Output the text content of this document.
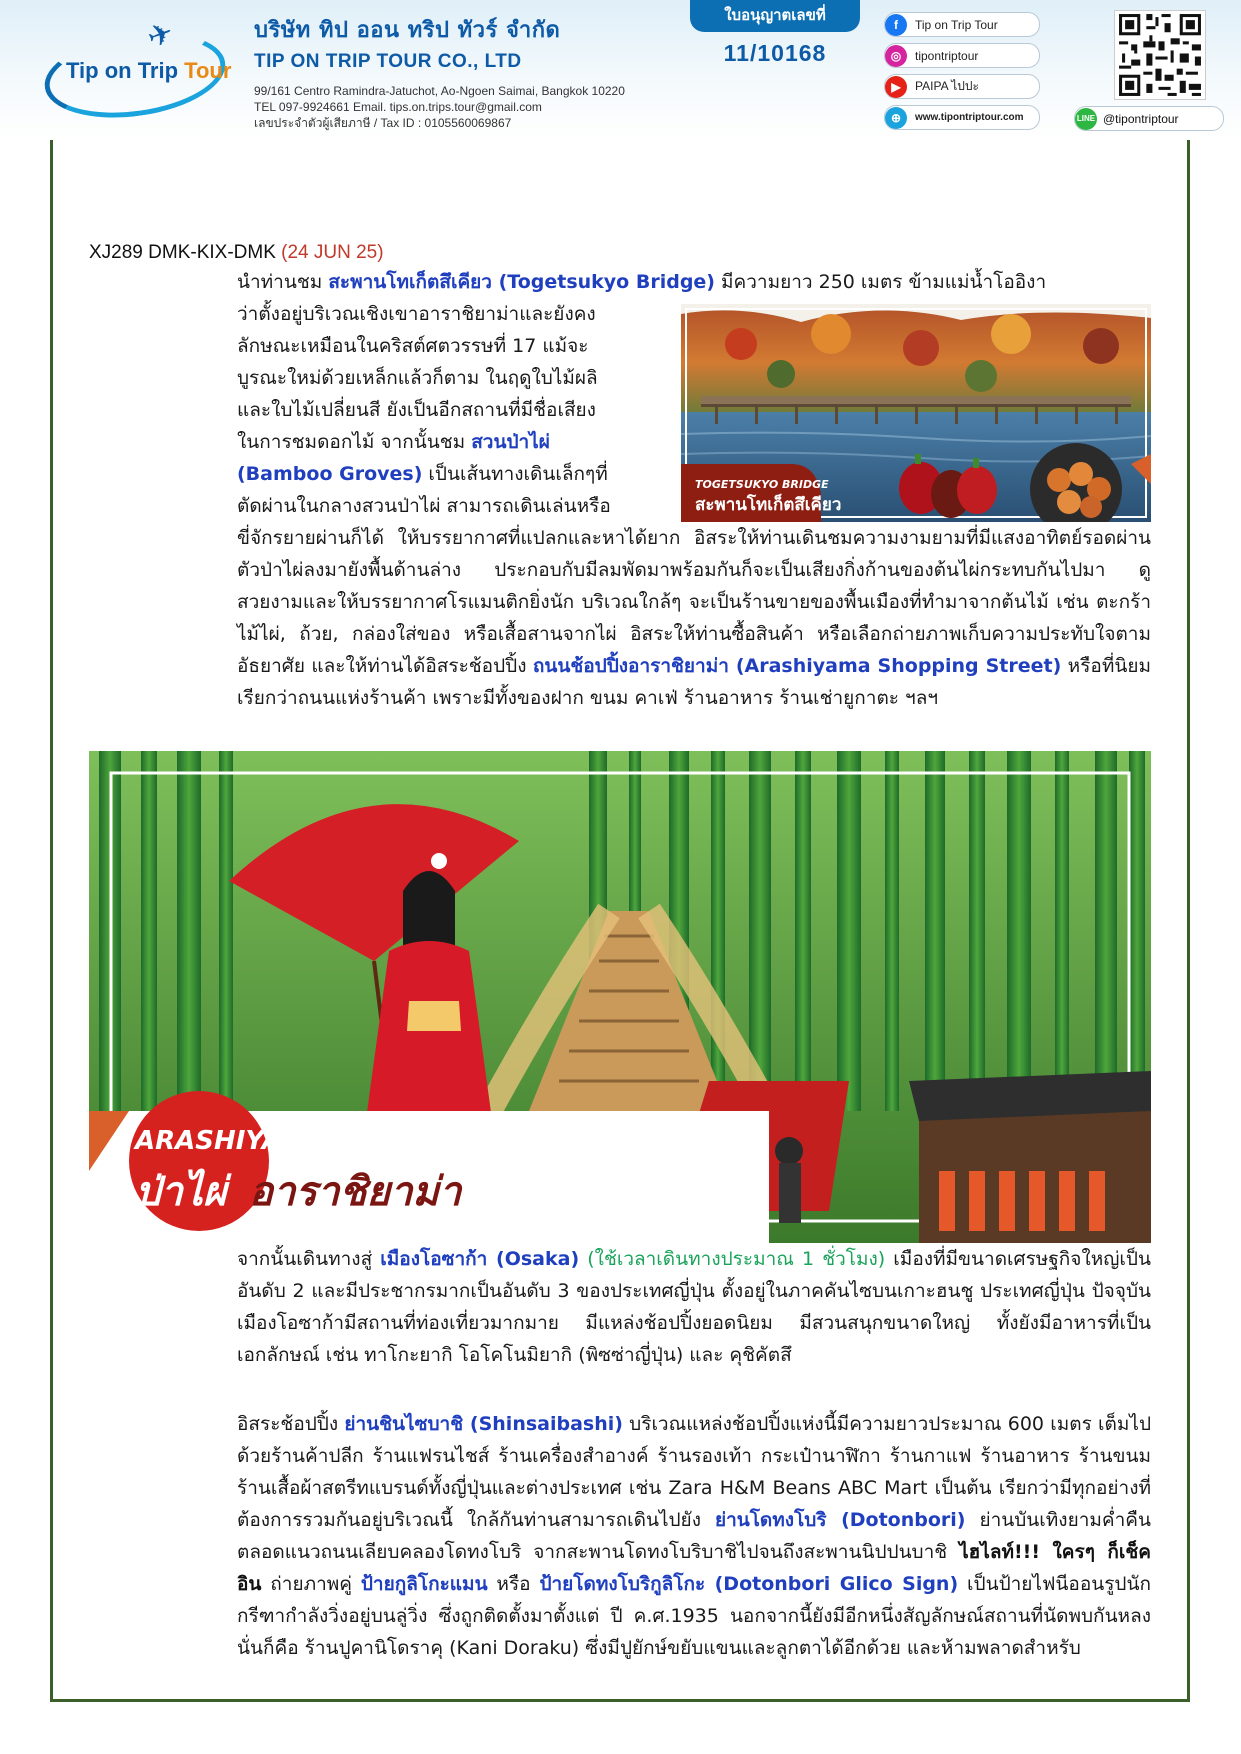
✈
Tip on Trip Tour
บริษัท ทิป ออน ทริป ทัวร์ จำกัด
TIP ON TRIP TOUR CO., LTD
99/161 Centro Ramindra-Jatuchot, Ao-Ngoen Saimai, Bangkok 10220
TEL 097-9924661 Email. tips.on.trips.tour@gmail.com
เลขประจำตัวผู้เสียภาษี / Tax ID : 0105560069867
ใบอนุญาตเลขที่
11/10168
f	Tip on Trip Tour
◎	tipontriptour
▶	PAIPA ไปปะ
⊕	www.tipontriptour.com	LINE @tipontriptour
XJ289 DMK-KIX-DMK (24 JUN 25)
นำท่านชม สะพานโทเก็ตสึเคียว (Togetsukyo Bridge) มีความยาว 250 เมตร ข้ามแม่น้ำโออิงา
ว่าตั้งอยู่บริเวณเชิงเขาอาราชิยาม่าและยังคง
ลักษณะเหมือนในคริสต์ศตวรรษที่ 17 แม้จะ
บูรณะใหม่ด้วยเหล็กแล้วก็ตาม ในฤดูใบไม้ผลิ
และใบไม้เปลี่ยนสี ยังเป็นอีกสถานที่มีชื่อเสียง
ในการชมดอกไม้ จากนั้นชม สวนป่าไผ่
(Bamboo Groves) เป็นเส้นทางเดินเล็กๆที่
ตัดผ่านในกลางสวนป่าไผ่ สามารถเดินเล่นหรือ
ขี่จักรยายผ่านก็ได้ ให้บรรยากาศที่แปลกและหาได้ยาก อิสระให้ท่านเดินชมความงามยามที่มีแสงอาทิตย์รอดผ่านตัวป่าไผ่ลงมายังพื้นด้านล่าง ประกอบกับมีลมพัดมาพร้อมกันก็จะเป็นเสียงกิ่งก้านของต้นไผ่กระทบกันไปมา ดูสวยงามและให้บรรยากาศโรแมนติกยิ่งนัก บริเวณใกล้ๆ จะเป็นร้านขายของพื้นเมืองที่ทำมาจากต้นไม้ เช่น ตะกร้าไม้ไผ่, ถ้วย, กล่องใส่ของ หรือเสื้อสานจากไผ่ อิสระให้ท่านซื้อสินค้า หรือเลือกถ่ายภาพเก็บความประทับใจตามอัธยาศัย และให้ท่านได้อิสระช้อปปิ้ง ถนนช้อปปิ้งอาราชิยาม่า (Arashiyama Shopping Street) หรือที่นิยมเรียกว่าถนนแห่งร้านค้า เพราะมีทั้งของฝาก ขนม คาเฟ่ ร้านอาหาร ร้านเช่ายูกาตะ ฯลฯ
TOGETSUKYO BRIDGE
สะพานโทเก็ตสึเคียว
ARASHIYAMA BAMBOO GROVES
ป่าไผ่ อาราชิยาม่า
จากนั้นเดินทางสู่ เมืองโอซาก้า (Osaka) (ใช้เวลาเดินทางประมาณ 1 ชั่วโมง) เมืองที่มีขนาดเศรษฐกิจใหญ่เป็นอันดับ 2 และมีประชากรมากเป็นอันดับ 3 ของประเทศญี่ปุ่น ตั้งอยู่ในภาคคันไซบนเกาะฮนชู ประเทศญี่ปุ่น ปัจจุบันเมืองโอซาก้ามีสถานที่ท่องเที่ยวมากมาย มีแหล่งช้อปปิ้งยอดนิยม มีสวนสนุกขนาดใหญ่ ทั้งยังมีอาหารที่เป็นเอกลักษณ์ เช่น ทาโกะยากิ โอโคโนมิยากิ (พิซซ่าญี่ปุ่น) และ คุชิคัตสึ
อิสระช้อปปิ้ง ย่านชินไซบาชิ (Shinsaibashi) บริเวณแหล่งช้อปปิ้งแห่งนี้มีความยาวประมาณ 600 เมตร เต็มไปด้วยร้านค้าปลีก ร้านแฟรนไชส์ ร้านเครื่องสำอางค์ ร้านรองเท้า กระเป๋านาฬิกา ร้านกาแฟ ร้านอาหาร ร้านขนม ร้านเสื้อผ้าสตรีทแบรนด์ทั้งญี่ปุ่นและต่างประเทศ เช่น Zara H&M Beans ABC Mart เป็นต้น เรียกว่ามีทุกอย่างที่ต้องการรวมกันอยู่บริเวณนี้ ใกล้กันท่านสามารถเดินไปยัง ย่านโดทงโบริ (Dotonbori) ย่านบันเทิงยามค่ำคืนตลอดแนวถนนเลียบคลองโดทงโบริ จากสะพานโดทงโบริบาชิไปจนถึงสะพานนิปปนบาชิ ไฮไลท์!!! ใครๆ ก็เช็คอิน ถ่ายภาพคู่ ป้ายกูลิโกะแมน หรือ ป้ายโดทงโบริกูลิโกะ (Dotonbori Glico Sign) เป็นป้ายไฟนีออนรูปนักกรีฑากำลังวิ่งอยู่บนลู่วิ่ง ซึ่งถูกติดตั้งมาตั้งแต่ ปี ค.ศ.1935 นอกจากนี้ยังมีอีกหนึ่งสัญลักษณ์สถานที่นัดพบกันหลง นั่นก็คือ ร้านปูคานิโดราคุ (Kani Doraku) ซึ่งมีปูยักษ์ขยับแขนและลูกตาได้อีกด้วย และห้ามพลาดสำหรับ
